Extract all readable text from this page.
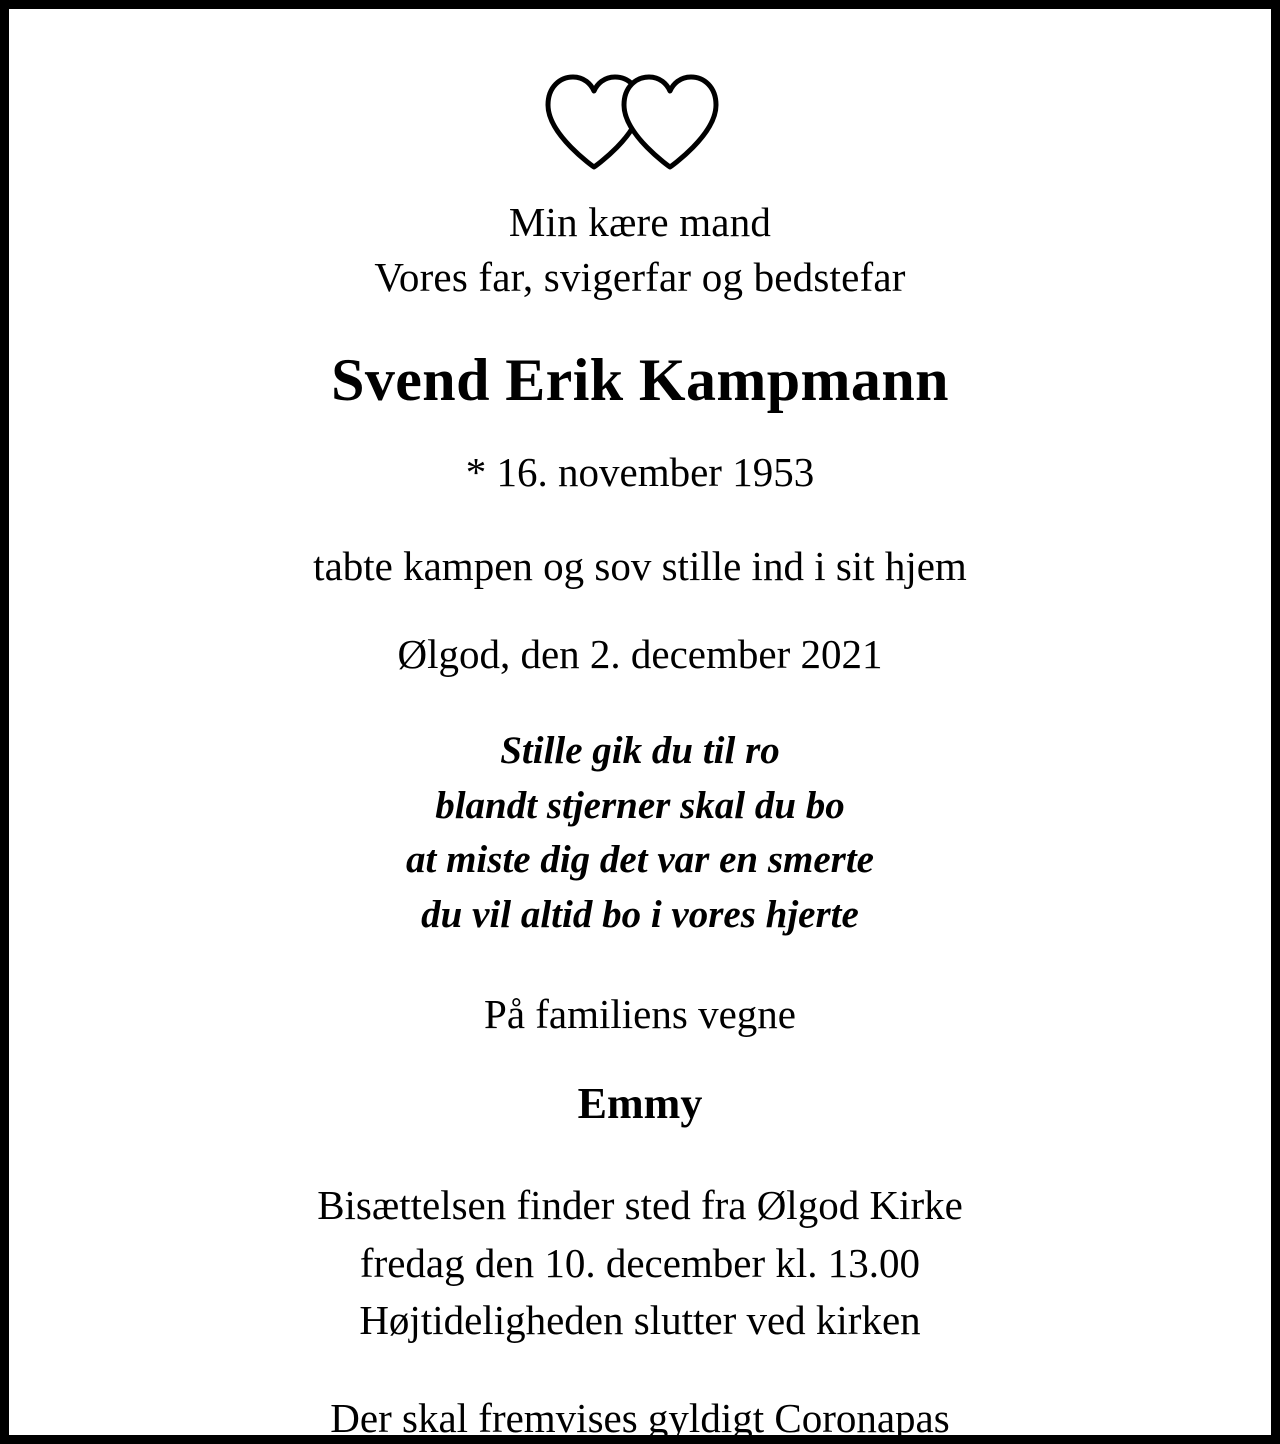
Min kære mand
Vores far, svigerfar og bedstefar
Svend Erik Kampmann
* 16. november 1953
tabte kampen og sov stille ind i sit hjem
Ølgod, den 2. december 2021
Stille gik du til ro
blandt stjerner skal du bo
at miste dig det var en smerte
du vil altid bo i vores hjerte
På familiens vegne
Emmy
Bisættelsen finder sted fra Ølgod Kirke
fredag den 10. december kl. 13.00
Højtideligheden slutter ved kirken
Der skal fremvises gyldigt Coronapas
